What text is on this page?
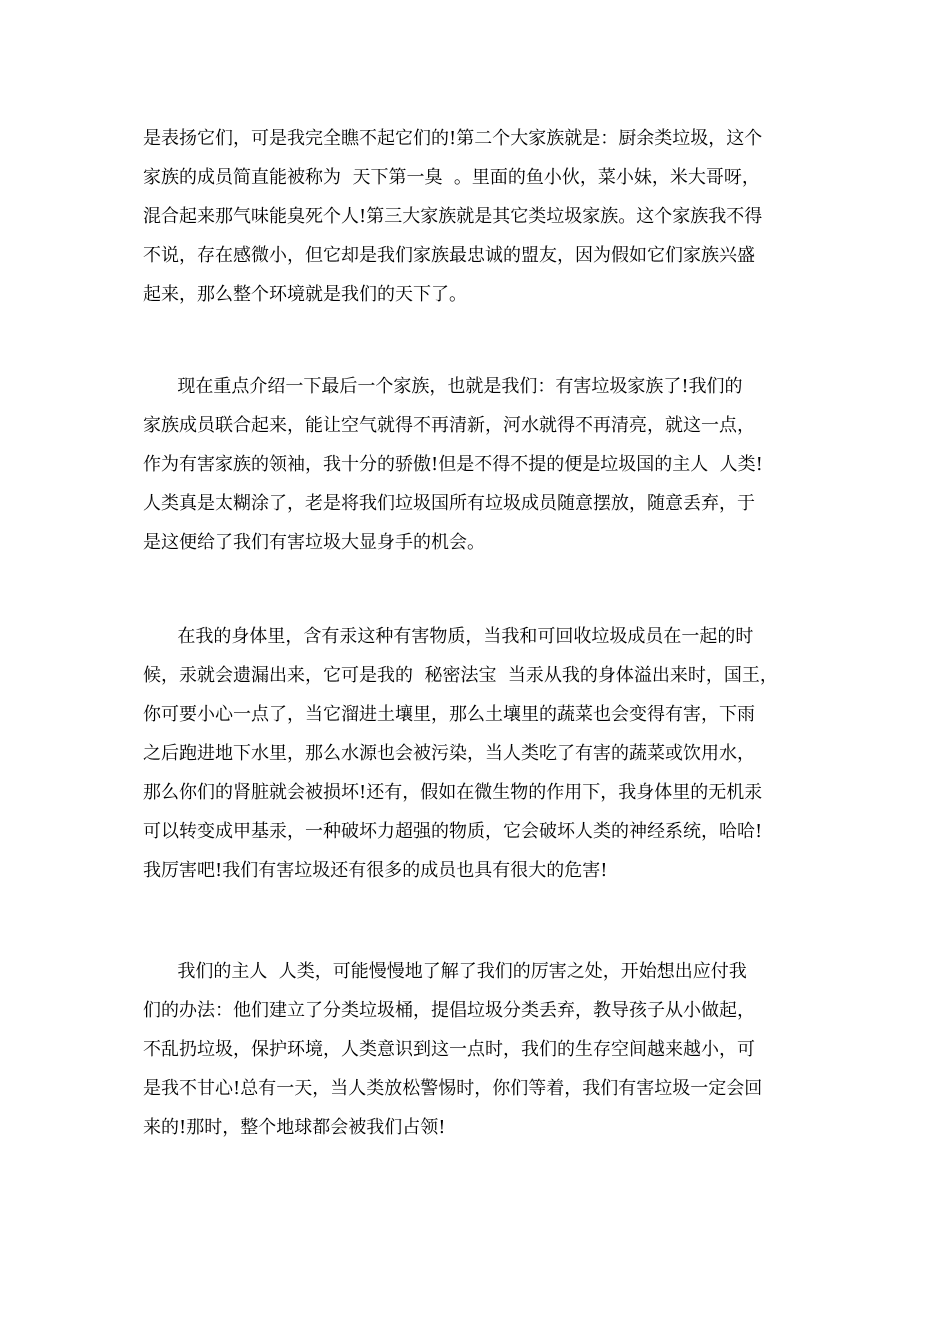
是表扬它们，可是我完全瞧不起它们的!第二个大家族就是：厨余类垃圾，这个
家族的成员简直能被称为  天下第一臭  。里面的鱼小伙，菜小妹，米大哥呀，
混合起来那气味能臭死个人!第三大家族就是其它类垃圾家族。这个家族我不得
不说，存在感微小，但它却是我们家族最忠诚的盟友，因为假如它们家族兴盛
起来，那么整个环境就是我们的天下了。
现在重点介绍一下最后一个家族，也就是我们：有害垃圾家族了!我们的
家族成员联合起来，能让空气就得不再清新，河水就得不再清亮，就这一点，
作为有害家族的领袖，我十分的骄傲!但是不得不提的便是垃圾国的主人  人类!
人类真是太糊涂了，老是将我们垃圾国所有垃圾成员随意摆放，随意丢弃，于
是这便给了我们有害垃圾大显身手的机会。
在我的身体里，含有汞这种有害物质，当我和可回收垃圾成员在一起的时
候，汞就会遗漏出来，它可是我的  秘密法宝  当汞从我的身体溢出来时，国王，
你可要小心一点了，当它溜进土壤里，那么土壤里的蔬菜也会变得有害，下雨
之后跑进地下水里，那么水源也会被污染，当人类吃了有害的蔬菜或饮用水，
那么你们的肾脏就会被损坏!还有，假如在微生物的作用下，我身体里的无机汞
可以转变成甲基汞，一种破坏力超强的物质，它会破坏人类的神经系统，哈哈!
我厉害吧!我们有害垃圾还有很多的成员也具有很大的危害!
我们的主人  人类，可能慢慢地了解了我们的厉害之处，开始想出应付我
们的办法：他们建立了分类垃圾桶，提倡垃圾分类丢弃，教导孩子从小做起，
不乱扔垃圾，保护环境，人类意识到这一点时，我们的生存空间越来越小，可
是我不甘心!总有一天，当人类放松警惕时，你们等着，我们有害垃圾一定会回
来的!那时，整个地球都会被我们占领!
